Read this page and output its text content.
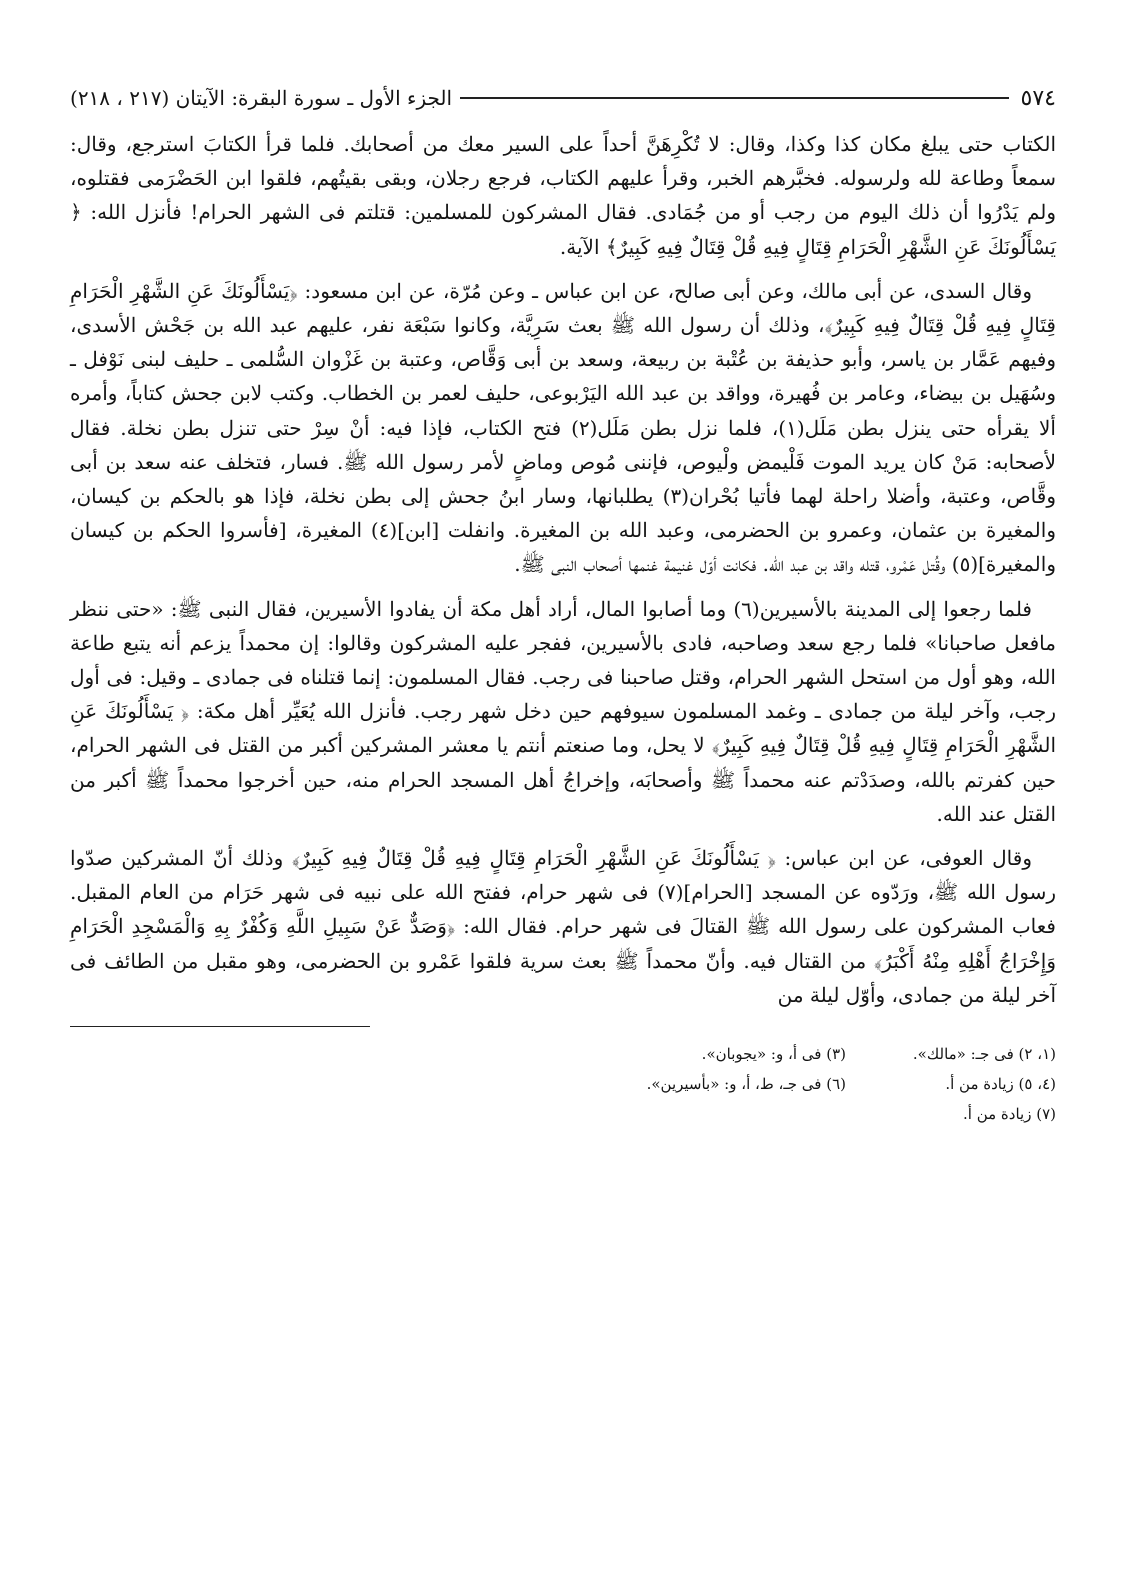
٥٧٤
الجزء الأول ـ سورة البقرة: الآيتان (٢١٧ ، ٢١٨)

الكتاب حتى يبلغ مكان كذا وكذا، وقال: لا تُكْرِهَنَّ أحداً على السير معك من أصحابك. فلما قرأ الكتابَ استرجع، وقال: سمعاً وطاعة لله ولرسوله. فخبَّرهم الخبر، وقرأ عليهم الكتاب، فرجع رجلان، وبقى بقيتُهم، فلقوا ابن الحَضْرَمى فقتلوه، ولم يَدْرُوا أن ذلك اليوم من رجب أو من جُمَادى. فقال المشركون للمسلمين: قتلتم فى الشهر الحرام! فأنزل الله: ﴿ يَسْأَلُونَكَ عَنِ الشَّهْرِ الْحَرَامِ قِتَالٍ فِيهِ قُلْ قِتَالٌ فِيهِ كَبِيرٌ﴾ الآية.

وقال السدى، عن أبى مالك، وعن أبى صالح، عن ابن عباس ـ وعن مُرّة، عن ابن مسعود: ﴿يَسْأَلُونَكَ عَنِ الشَّهْرِ الْحَرَامِ قِتَالٍ فِيهِ قُلْ قِتَالٌ فِيهِ كَبِيرٌ﴾، وذلك أن رسول الله ﷺ بعث سَرِيَّة، وكانوا سَبْعَة نفر، عليهم عبد الله بن جَحْش الأسدى، وفيهم عَمَّار بن ياسر، وأبو حذيفة بن عُتْبة بن ربيعة، وسعد بن أبى وَقَّاص، وعتبة بن غَزْوان السُّلمى ـ حليف لبنى نَوْفل ـ وسُهَيل بن بيضاء، وعامر بن فُهيرة، وواقد بن عبد الله اليَرْبوعى، حليف لعمر بن الخطاب. وكتب لابن جحش كتاباً، وأمره ألا يقرأه حتى ينزل بطن مَلَل(١)، فلما نزل بطن مَلَل(٢) فتح الكتاب، فإذا فيه: أنْ سِرْ حتى تنزل بطن نخلة. فقال لأصحابه: مَنْ كان يريد الموت فَلْيمض ولْيوص، فإننى مُوص وماضٍ لأمر رسول الله ﷺ. فسار، فتخلف عنه سعد بن أبى وقَّاص، وعتبة، وأضلا راحلة لهما فأتيا بُحْران(٣) يطلبانها، وسار ابنُ جحش إلى بطن نخلة، فإذا هو بالحكم بن كيسان، والمغيرة بن عثمان، وعمرو بن الحضرمى، وعبد الله بن المغيرة. وانفلت [ابن](٤) المغيرة، [فأسروا الحكم بن كيسان والمغيرة](٥) وقُتل عَمْرو، قتله واقد بن عبد الله. فكانت أوّل غنيمة غنمها أصحاب النبى ﷺ.

فلما رجعوا إلى المدينة بالأسيرين(٦) وما أصابوا المال، أراد أهل مكة أن يفادوا الأسيرين، فقال النبى ﷺ: «حتى ننظر مافعل صاحبانا» فلما رجع سعد وصاحبه، فادى بالأسيرين، ففجر عليه المشركون وقالوا: إن محمداً يزعم أنه يتبع طاعة الله، وهو أول من استحل الشهر الحرام، وقتل صاحبنا فى رجب. فقال المسلمون: إنما قتلناه فى جمادى ـ وقيل: فى أول رجب، وآخر ليلة من جمادى ـ وغمد المسلمون سيوفهم حين دخل شهر رجب. فأنزل الله يُعَيِّر أهل مكة: ﴿ يَسْأَلُونَكَ عَنِ الشَّهْرِ الْحَرَامِ قِتَالٍ فِيهِ قُلْ قِتَالٌ فِيهِ كَبِيرٌ﴾ لا يحل، وما صنعتم أنتم يا معشر المشركين أكبر من القتل فى الشهر الحرام، حين كفرتم بالله، وصدَدْتم عنه محمداً ﷺ وأصحابَه، وإخراجُ أهل المسجد الحرام منه، حين أخرجوا محمداً ﷺ أكبر من القتل عند الله.

وقال العوفى، عن ابن عباس: ﴿ يَسْأَلُونَكَ عَنِ الشَّهْرِ الْحَرَامِ قِتَالٍ فِيهِ قُلْ قِتَالٌ فِيهِ كَبِيرٌ﴾ وذلك أنّ المشركين صدّوا رسول الله ﷺ، ورَدّوه عن المسجد [الحرام](٧) فى شهر حرام، ففتح الله على نبيه فى شهر حَرَام من العام المقبل. فعاب المشركون على رسول الله ﷺ القتالَ فى شهر حرام. فقال الله: ﴿وَصَدٌّ عَنْ سَبِيلِ اللَّهِ وَكُفْرٌ بِهِ وَالْمَسْجِدِ الْحَرَامِ وَإِخْرَاجُ أَهْلِهِ مِنْهُ أَكْبَرُ﴾ من القتال فيه. وأنّ محمداً ﷺ بعث سرية فلقوا عَمْرو بن الحضرمى، وهو مقبل من الطائف فى آخر ليلة من جمادى، وأوّل ليلة من

(١، ٢) فى جـ: «مالك».
(٣) فى أ، و: «يجوبان».
(٤، ٥) زيادة من أ.
(٦) فى جـ، ط، أ، و: «بأسيرين».
(٧) زيادة من أ.
